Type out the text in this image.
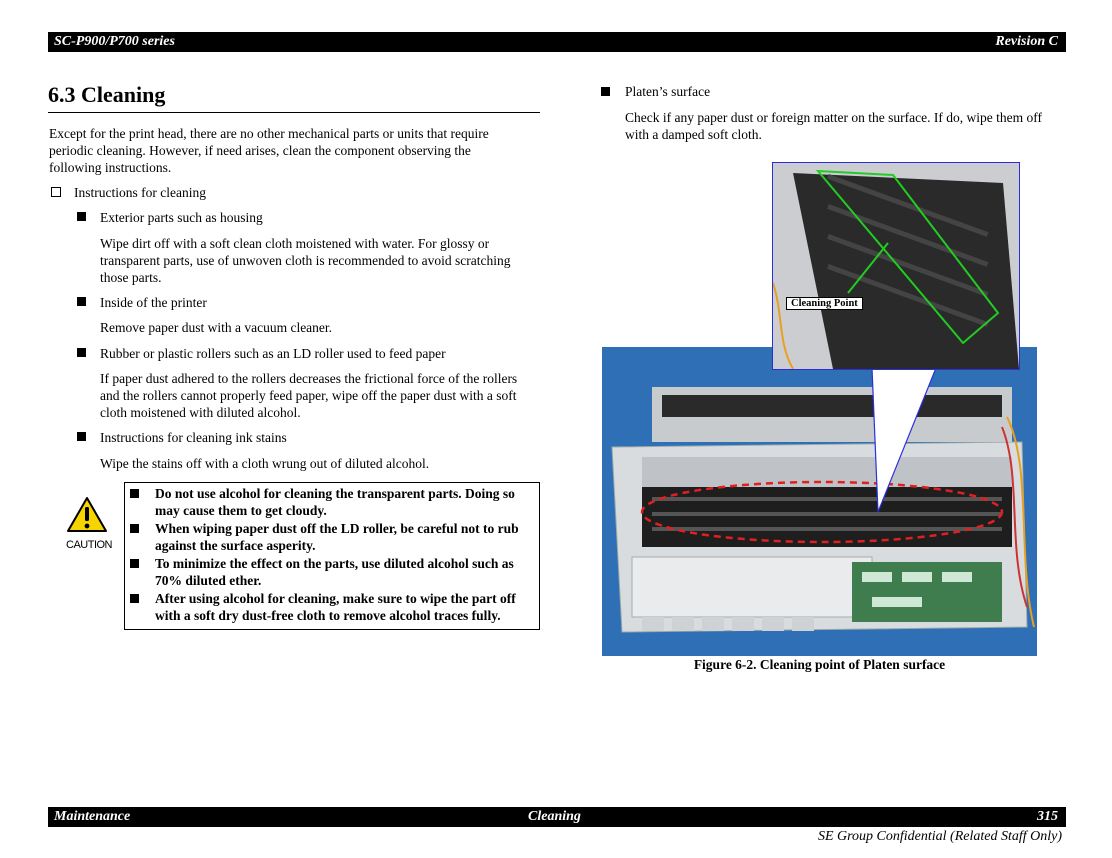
SC-P900/P700 series	Revision C
6.3 Cleaning
Except for the print head, there are no other mechanical parts or units that require
periodic cleaning. However, if need arises, clean the component observing the
following instructions.
Instructions for cleaning
Exterior parts such as housing
Wipe dirt off with a soft clean cloth moistened with water. For glossy or
transparent parts, use of unwoven cloth is recommended to avoid scratching
those parts.
Inside of the printer
Remove paper dust with a vacuum cleaner.
Rubber or plastic rollers such as an LD roller used to feed paper
If paper dust adhered to the rollers decreases the frictional force of the rollers
and the rollers cannot properly feed paper, wipe off the paper dust with a soft
cloth moistened with diluted alcohol.
Instructions for cleaning ink stains
Wipe the stains off with a cloth wrung out of diluted alcohol.
CAUTION
Do not use alcohol for cleaning the transparent parts. Doing so
may cause them to get cloudy.
When wiping paper dust off the LD roller, be careful not to rub
against the surface asperity.
To minimize the effect on the parts, use diluted alcohol such as
70% diluted ether.
After using alcohol for cleaning, make sure to wipe the part off
with a soft dry dust-free cloth to remove alcohol traces fully.
Platen’s surface
Check if any paper dust or foreign matter on the surface. If do, wipe them off
with a damped soft cloth.
Cleaning Point
Figure 6-2. Cleaning point of Platen surface
Maintenance	Cleaning	315
SE Group Confidential (Related Staff Only)
